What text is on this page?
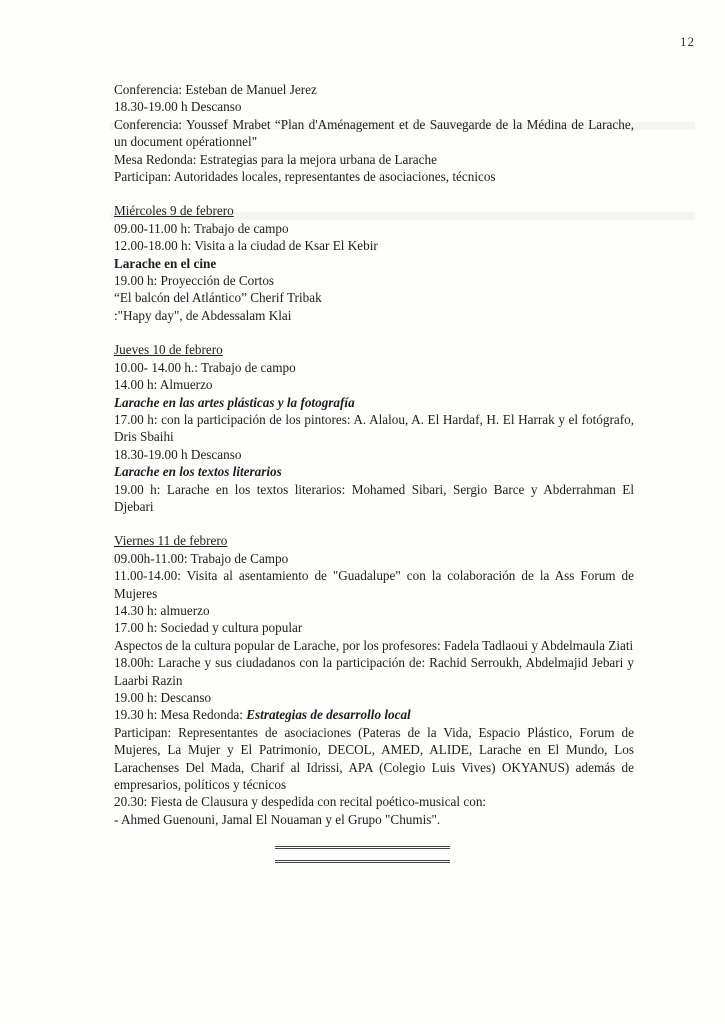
12
Conferencia: Esteban de Manuel Jerez
18.30-19.00 h Descanso
Conferencia: Youssef Mrabet “Plan d'Aménagement et de Sauvegarde de la Médina de Larache, un document opérationnel"
Mesa Redonda: Estrategias para la mejora urbana de Larache
Participan: Autoridades locales, representantes de asociaciones, técnicos
Miércoles 9 de febrero
09.00-11.00 h: Trabajo de campo
12.00-18.00 h: Visita a la ciudad de Ksar El Kebir
Larache en el cine
19.00 h: Proyección de Cortos
“El balcón del Atlántico” Cherif Tribak
:"Hapy day", de Abdessalam Klai
Jueves 10 de febrero
10.00- 14.00 h.: Trabajo de campo
14.00 h: Almuerzo
Larache en las artes plásticas y la fotografía
17.00 h: con la participación de los pintores: A. Alalou, A. El Hardaf, H. El Harrak y el fotógrafo, Dris Sbaihi
18.30-19.00 h Descanso
Larache en los textos literarios
19.00 h: Larache en los textos literarios: Mohamed Sibari, Sergio Barce y Abderrahman El Djebari
Viernes 11 de febrero
09.00h-11.00: Trabajo de Campo
11.00-14.00: Visita al asentamiento de "Guadalupe" con la colaboración de la Ass Forum de Mujeres
14.30 h: almuerzo
17.00 h: Sociedad y cultura popular
Aspectos de la cultura popular de Larache, por los profesores: Fadela Tadlaoui y Abdelmaula Ziati
18.00h: Larache y sus ciudadanos con la participación de: Rachid Serroukh, Abdelmajid Jebari y Laarbi Razin
19.00 h: Descanso
19.30 h: Mesa Redonda: Estrategias de desarrollo local
Participan: Representantes de asociaciones (Pateras de la Vida, Espacio Plástico, Forum de Mujeres, La Mujer y El Patrimonio, DECOL, AMED, ALIDE, Larache en El Mundo, Los Larachenses Del Mada, Charif al Idrissi, APA (Colegio Luis Vives) OKYANUS) además de empresarios, políticos y técnicos
20.30: Fiesta de Clausura y despedida con recital poético-musical con:
- Ahmed Guenouni, Jamal El Nouaman y el Grupo "Chumis".
